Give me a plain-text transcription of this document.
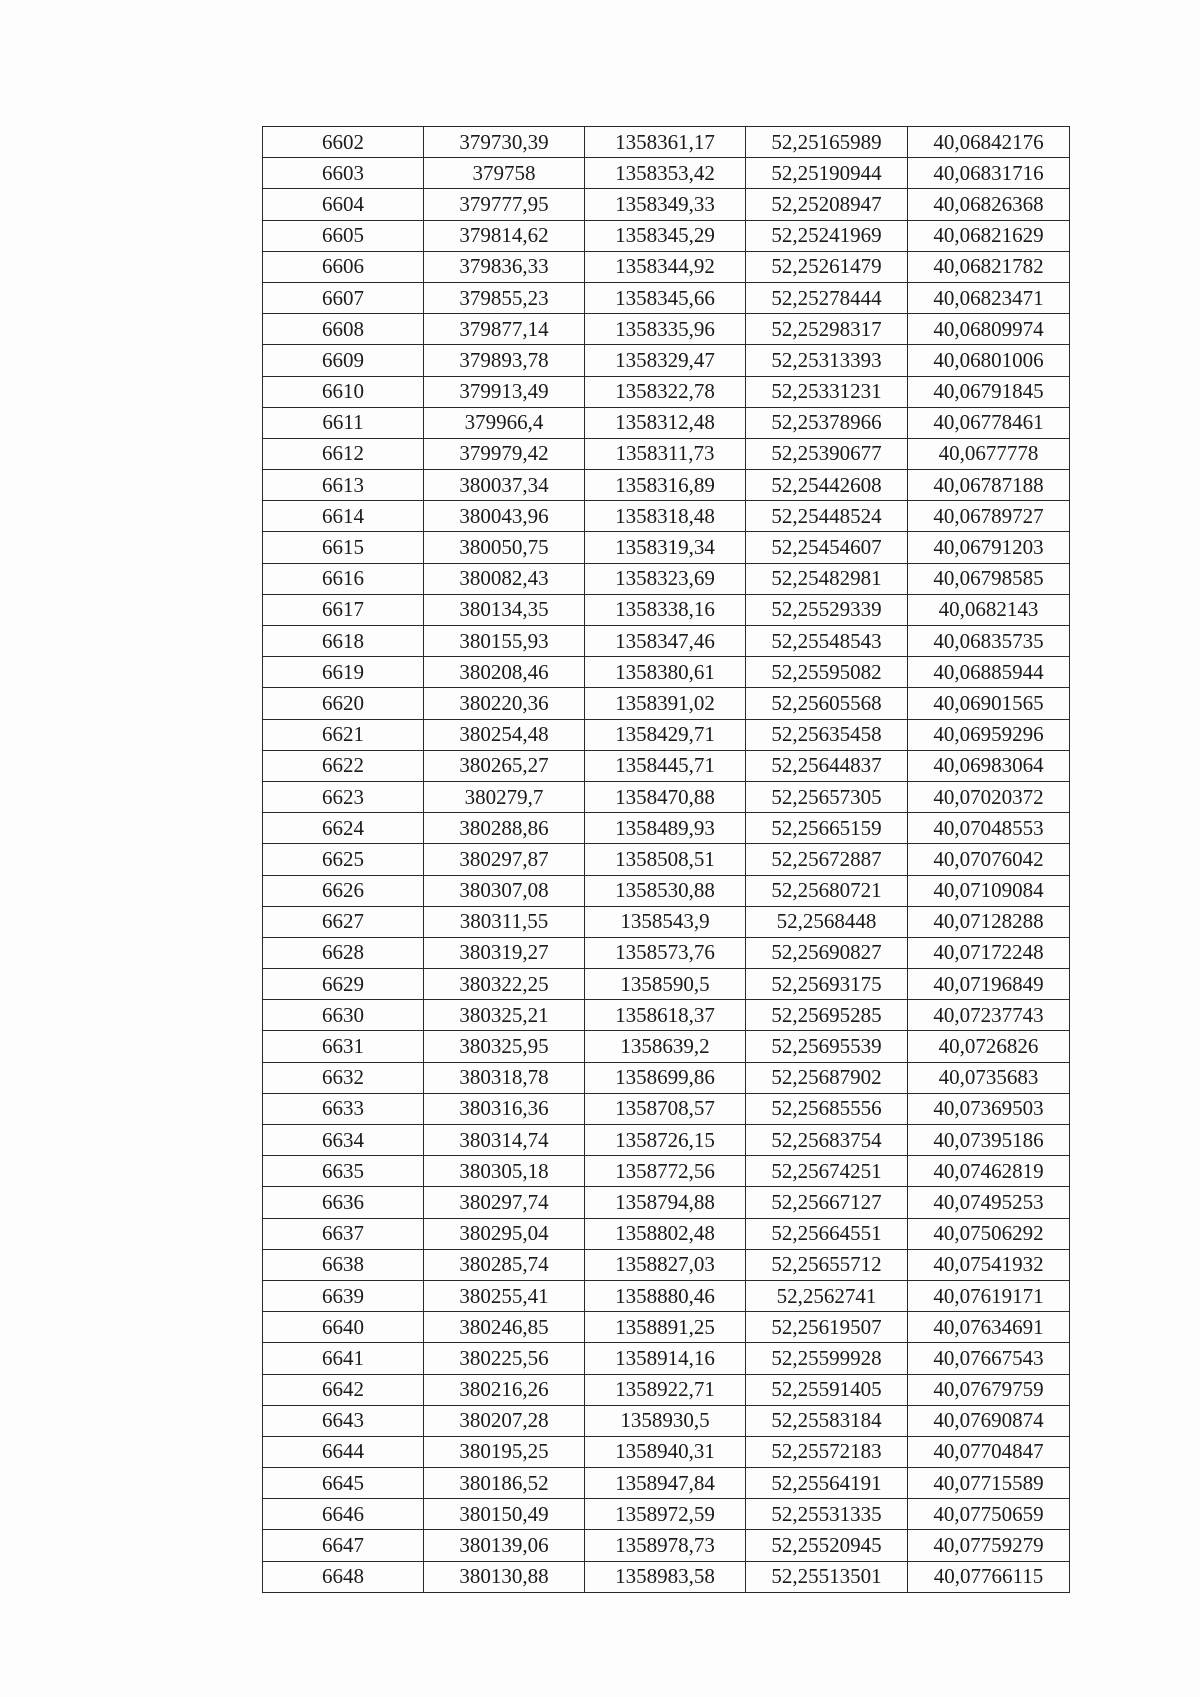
6602	379730,39	1358361,17	52,25165989	40,06842176
6603	379758	1358353,42	52,25190944	40,06831716
6604	379777,95	1358349,33	52,25208947	40,06826368
6605	379814,62	1358345,29	52,25241969	40,06821629
6606	379836,33	1358344,92	52,25261479	40,06821782
6607	379855,23	1358345,66	52,25278444	40,06823471
6608	379877,14	1358335,96	52,25298317	40,06809974
6609	379893,78	1358329,47	52,25313393	40,06801006
6610	379913,49	1358322,78	52,25331231	40,06791845
6611	379966,4	1358312,48	52,25378966	40,06778461
6612	379979,42	1358311,73	52,25390677	40,0677778
6613	380037,34	1358316,89	52,25442608	40,06787188
6614	380043,96	1358318,48	52,25448524	40,06789727
6615	380050,75	1358319,34	52,25454607	40,06791203
6616	380082,43	1358323,69	52,25482981	40,06798585
6617	380134,35	1358338,16	52,25529339	40,0682143
6618	380155,93	1358347,46	52,25548543	40,06835735
6619	380208,46	1358380,61	52,25595082	40,06885944
6620	380220,36	1358391,02	52,25605568	40,06901565
6621	380254,48	1358429,71	52,25635458	40,06959296
6622	380265,27	1358445,71	52,25644837	40,06983064
6623	380279,7	1358470,88	52,25657305	40,07020372
6624	380288,86	1358489,93	52,25665159	40,07048553
6625	380297,87	1358508,51	52,25672887	40,07076042
6626	380307,08	1358530,88	52,25680721	40,07109084
6627	380311,55	1358543,9	52,2568448	40,07128288
6628	380319,27	1358573,76	52,25690827	40,07172248
6629	380322,25	1358590,5	52,25693175	40,07196849
6630	380325,21	1358618,37	52,25695285	40,07237743
6631	380325,95	1358639,2	52,25695539	40,0726826
6632	380318,78	1358699,86	52,25687902	40,0735683
6633	380316,36	1358708,57	52,25685556	40,07369503
6634	380314,74	1358726,15	52,25683754	40,07395186
6635	380305,18	1358772,56	52,25674251	40,07462819
6636	380297,74	1358794,88	52,25667127	40,07495253
6637	380295,04	1358802,48	52,25664551	40,07506292
6638	380285,74	1358827,03	52,25655712	40,07541932
6639	380255,41	1358880,46	52,2562741	40,07619171
6640	380246,85	1358891,25	52,25619507	40,07634691
6641	380225,56	1358914,16	52,25599928	40,07667543
6642	380216,26	1358922,71	52,25591405	40,07679759
6643	380207,28	1358930,5	52,25583184	40,07690874
6644	380195,25	1358940,31	52,25572183	40,07704847
6645	380186,52	1358947,84	52,25564191	40,07715589
6646	380150,49	1358972,59	52,25531335	40,07750659
6647	380139,06	1358978,73	52,25520945	40,07759279
6648	380130,88	1358983,58	52,25513501	40,07766115
